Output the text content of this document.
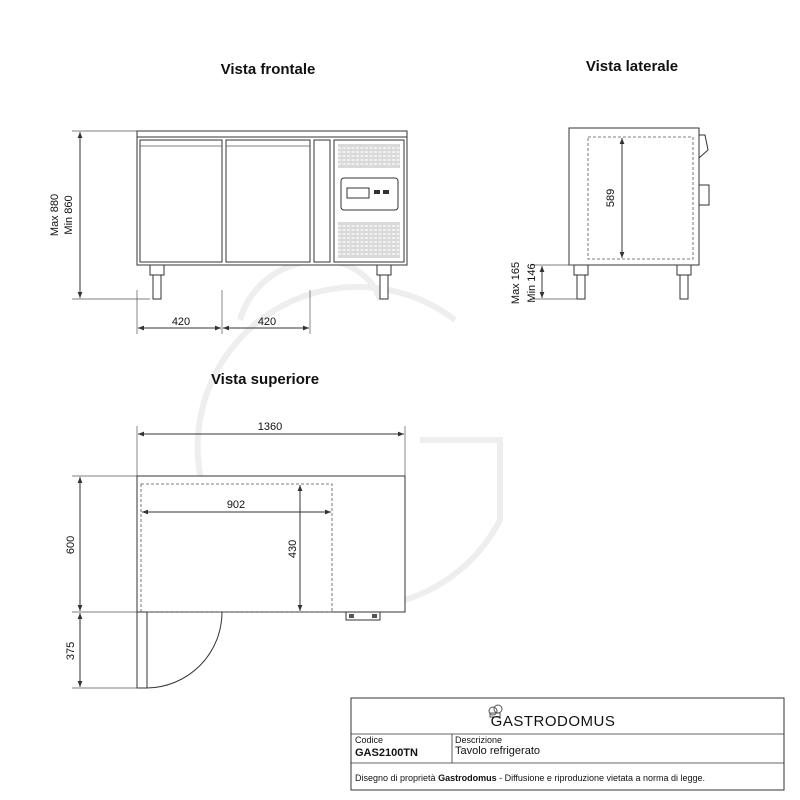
Vista frontale
Max 880 Min 860
420	420
Vista laterale
589
Max 165 Min 146
Vista superiore
1360
902
430
600
375
GASTRODOMUS
Codice
GAS2100TN
Descrizione
Tavolo refrigerato
Disegno di proprietà Gastrodomus - Diffusione e riproduzione vietata a norma di legge.
